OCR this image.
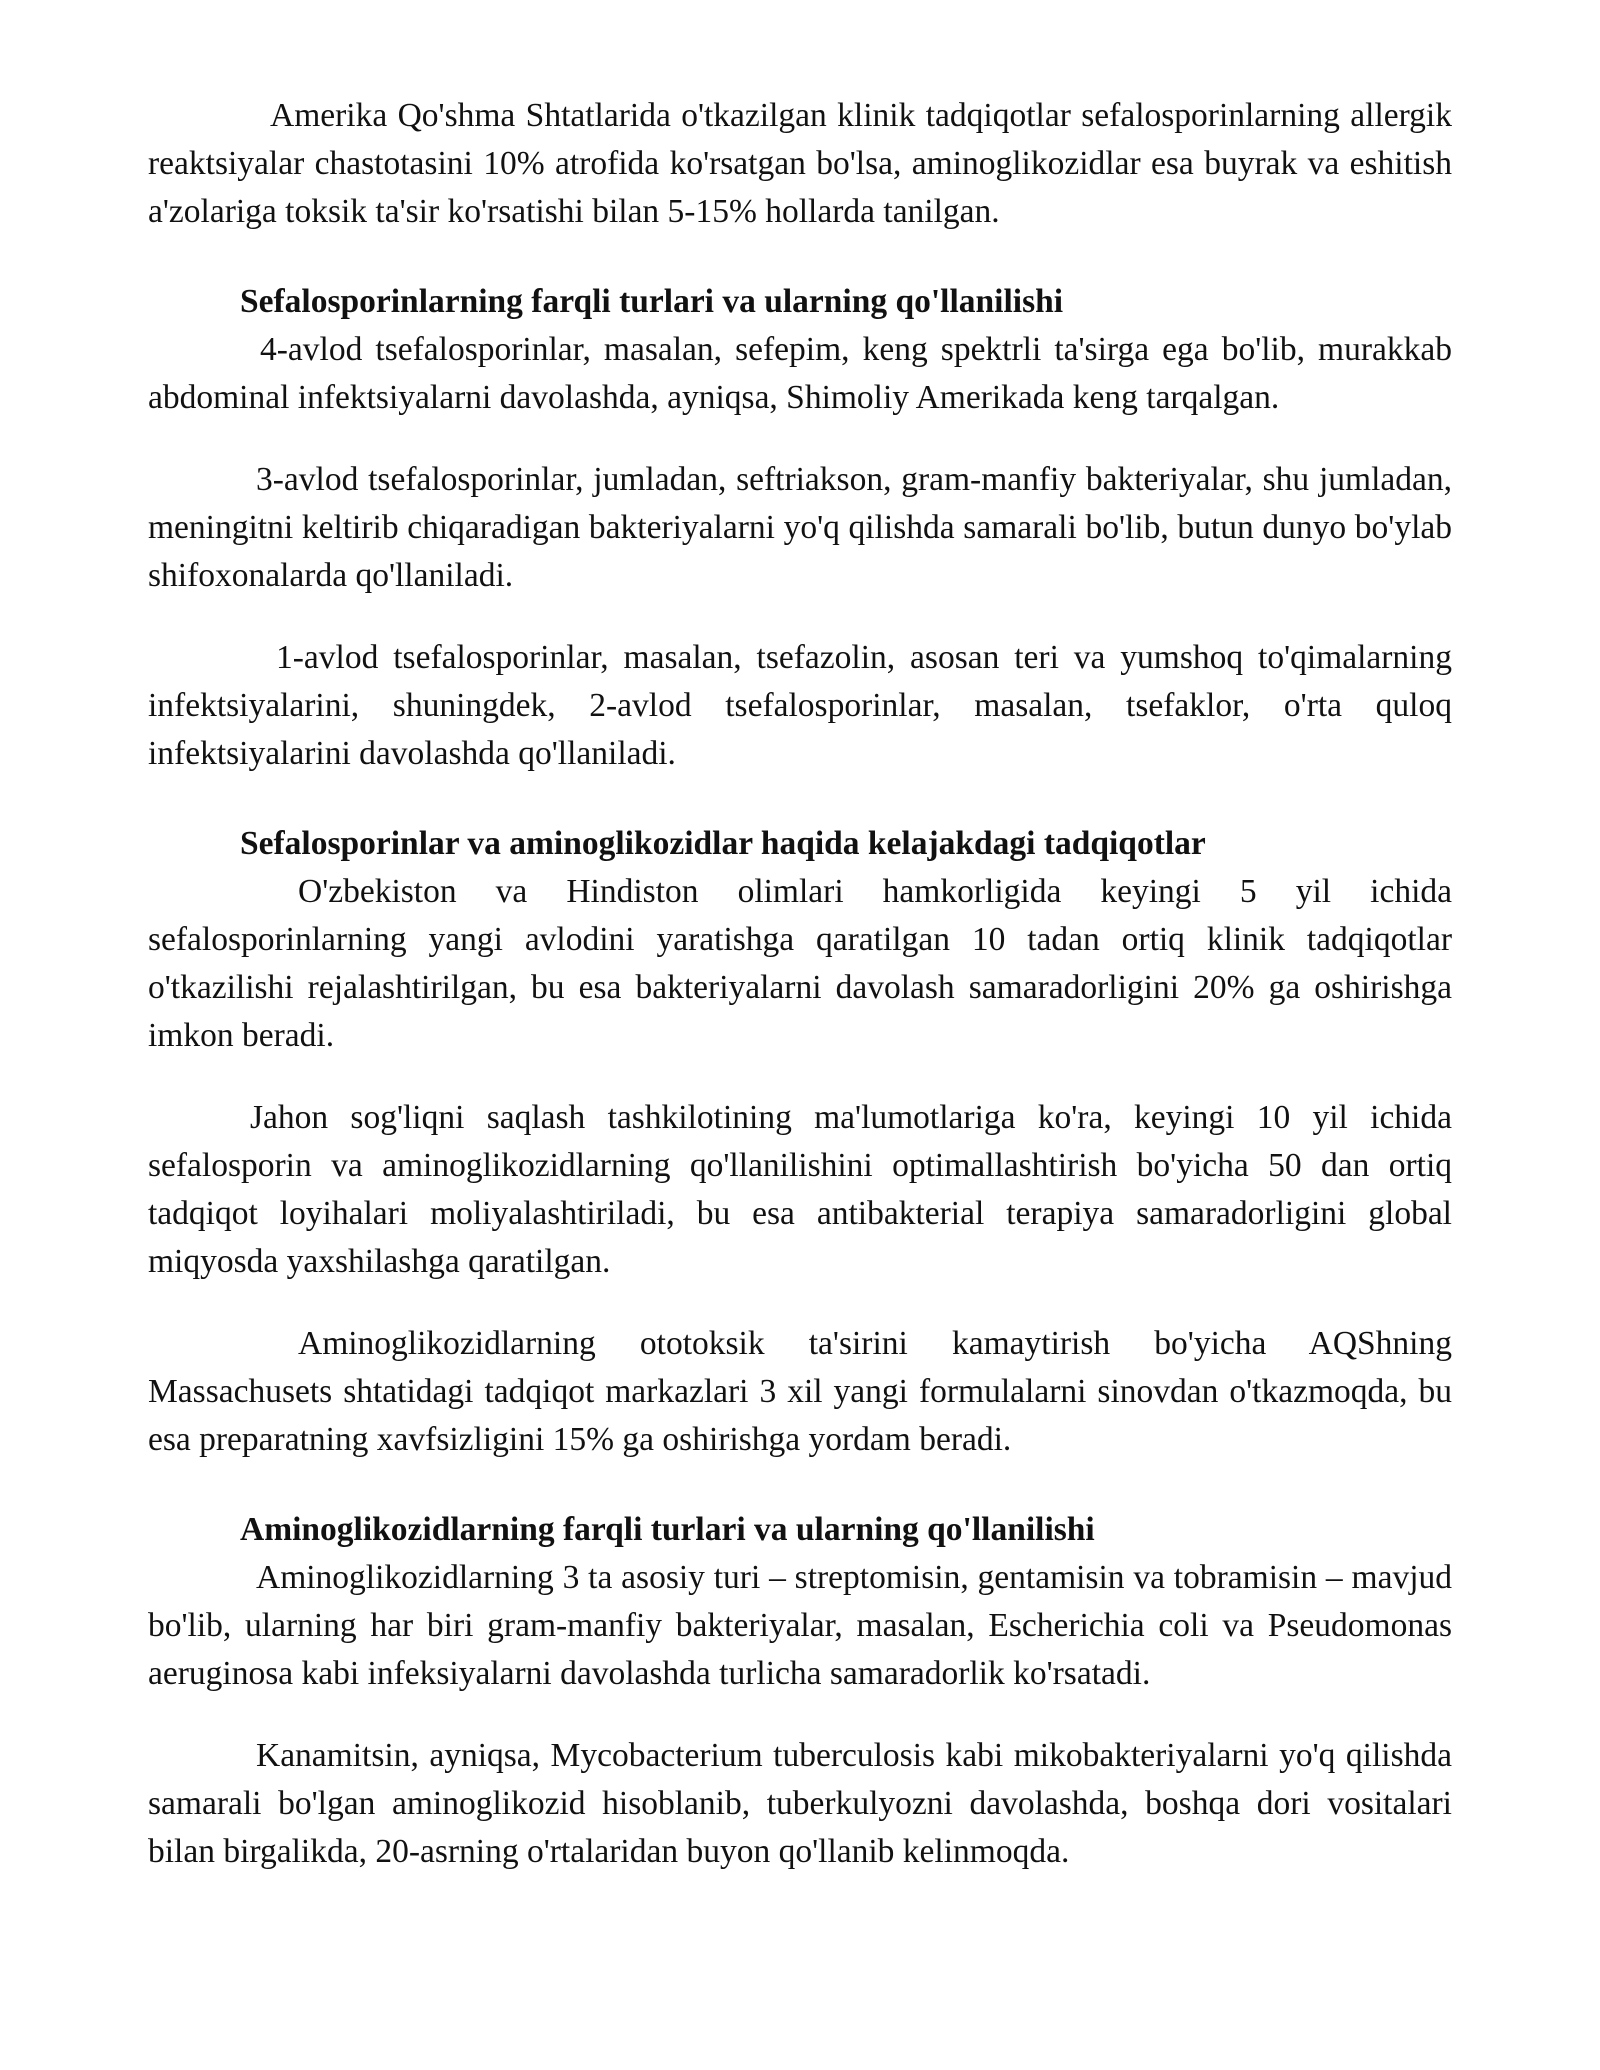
Amerika Qo'shma Shtatlarida o'tkazilgan klinik tadqiqotlar sefalosporinlarning allergik reaktsiyalar chastotasini 10% atrofida ko'rsatgan bo'lsa, aminoglikozidlar esa buyrak va eshitish a'zolariga toksik ta'sir ko'rsatishi bilan 5-15% hollarda tanilgan.

Sefalosporinlarning farqli turlari va ularning qo'llanilishi

4-avlod tsefalosporinlar, masalan, sefepim, keng spektrli ta'sirga ega bo'lib, murakkab abdominal infektsiyalarni davolashda, ayniqsa, Shimoliy Amerikada keng tarqalgan.

3-avlod tsefalosporinlar, jumladan, seftriakson, gram-manfiy bakteriyalar, shu jumladan, meningitni keltirib chiqaradigan bakteriyalarni yo'q qilishda samarali bo'lib, butun dunyo bo'ylab shifoxonalarda qo'llaniladi.

1-avlod tsefalosporinlar, masalan, tsefazolin, asosan teri va yumshoq to'qimalarning infektsiyalarini, shuningdek, 2-avlod tsefalosporinlar, masalan, tsefaklor, o'rta quloq infektsiyalarini davolashda qo'llaniladi.

Sefalosporinlar va aminoglikozidlar haqida kelajakdagi tadqiqotlar

O'zbekiston va Hindiston olimlari hamkorligida keyingi 5 yil ichida sefalosporinlarning yangi avlodini yaratishga qaratilgan 10 tadan ortiq klinik tadqiqotlar o'tkazilishi rejalashtirilgan, bu esa bakteriyalarni davolash samaradorligini 20% ga oshirishga imkon beradi.

Jahon sog'liqni saqlash tashkilotining ma'lumotlariga ko'ra, keyingi 10 yil ichida sefalosporin va aminoglikozidlarning qo'llanilishini optimallashtirish bo'yicha 50 dan ortiq tadqiqot loyihalari moliyalashtiriladi, bu esa antibakterial terapiya samaradorligini global miqyosda yaxshilashga qaratilgan.

Aminoglikozidlarning ototoksik ta'sirini kamaytirish bo'yicha AQShning Massachusets shtatidagi tadqiqot markazlari 3 xil yangi formulalarni sinovdan o'tkazmoqda, bu esa preparatning xavfsizligini 15% ga oshirishga yordam beradi.

Aminoglikozidlarning farqli turlari va ularning qo'llanilishi

Aminoglikozidlarning 3 ta asosiy turi – streptomisin, gentamisin va tobramisin – mavjud bo'lib, ularning har biri gram-manfiy bakteriyalar, masalan, Escherichia coli va Pseudomonas aeruginosa kabi infeksiyalarni davolashda turlicha samaradorlik ko'rsatadi.

Kanamitsin, ayniqsa, Mycobacterium tuberculosis kabi mikobakteriyalarni yo'q qilishda samarali bo'lgan aminoglikozid hisoblanib, tuberkulyozni davolashda, boshqa dori vositalari bilan birgalikda, 20-asrning o'rtalaridan buyon qo'llanib kelinmoqda.
